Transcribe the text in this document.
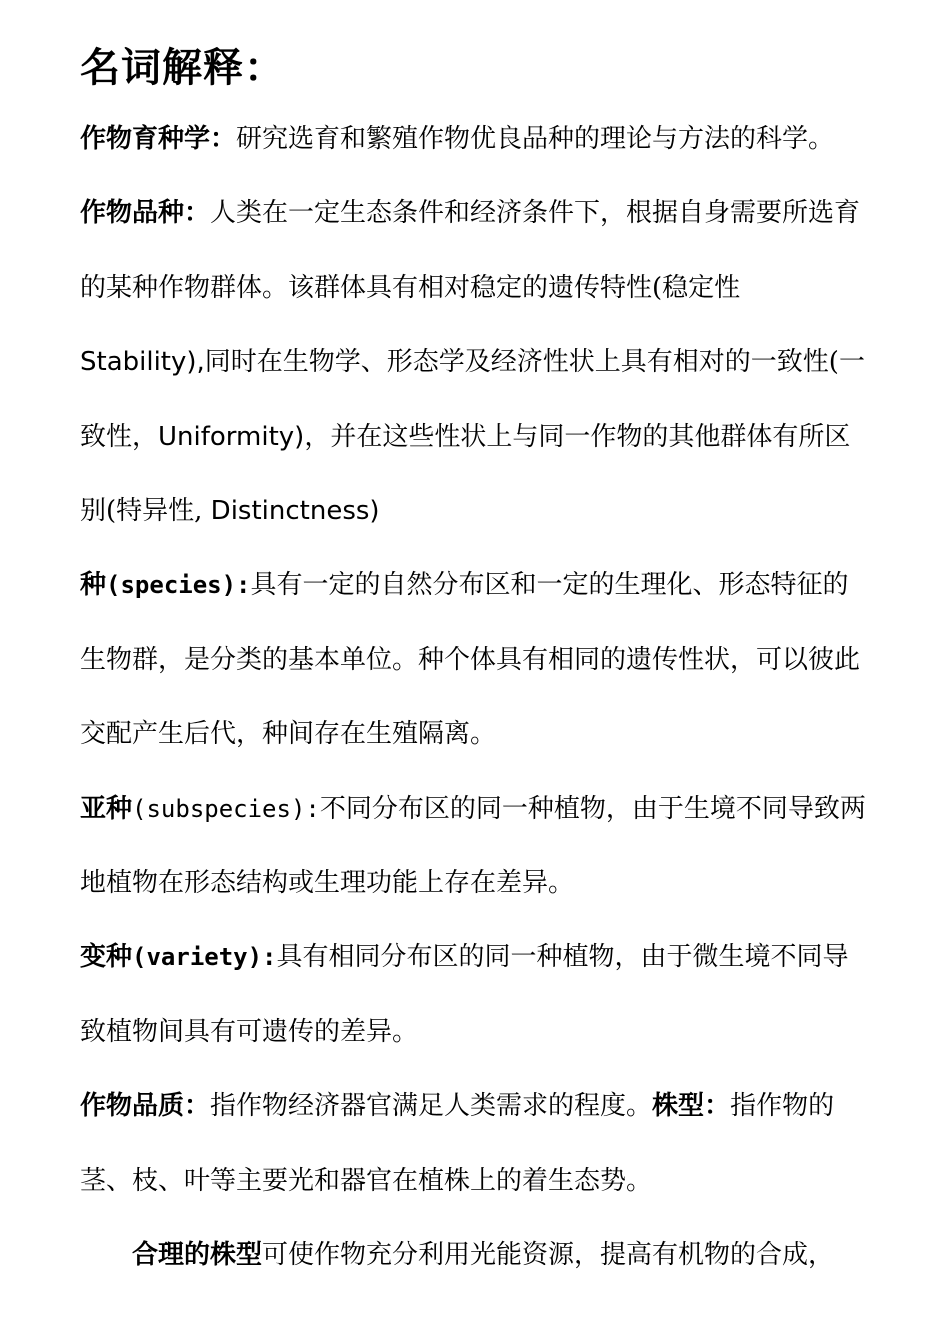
名词解释：

作物育种学：研究选育和繁殖作物优良品种的理论与方法的科学。

作物品种：人类在一定生态条件和经济条件下，根据自身需要所选育的某种作物群体。该群体具有相对稳定的遗传特性(稳定性
Stability),同时在生物学、形态学及经济性状上具有相对的一致性(一致性，Uniformity)，并在这些性状上与同一作物的其他群体有所区别(特异性, Distinctness)

种(species):具有一定的自然分布区和一定的生理化、形态特征的生物群，是分类的基本单位。种个体具有相同的遗传性状，可以彼此交配产生后代，种间存在生殖隔离。

亚种(subspecies):不同分布区的同一种植物，由于生境不同导致两地植物在形态结构或生理功能上存在差异。

变种(variety):具有相同分布区的同一种植物，由于微生境不同导致植物间具有可遗传的差异。

作物品质：指作物经济器官满足人类需求的程度。株型：指作物的茎、枝、叶等主要光和器官在植株上的着生态势。

合理的株型可使作物充分利用光能资源，提高有机物的合成，
